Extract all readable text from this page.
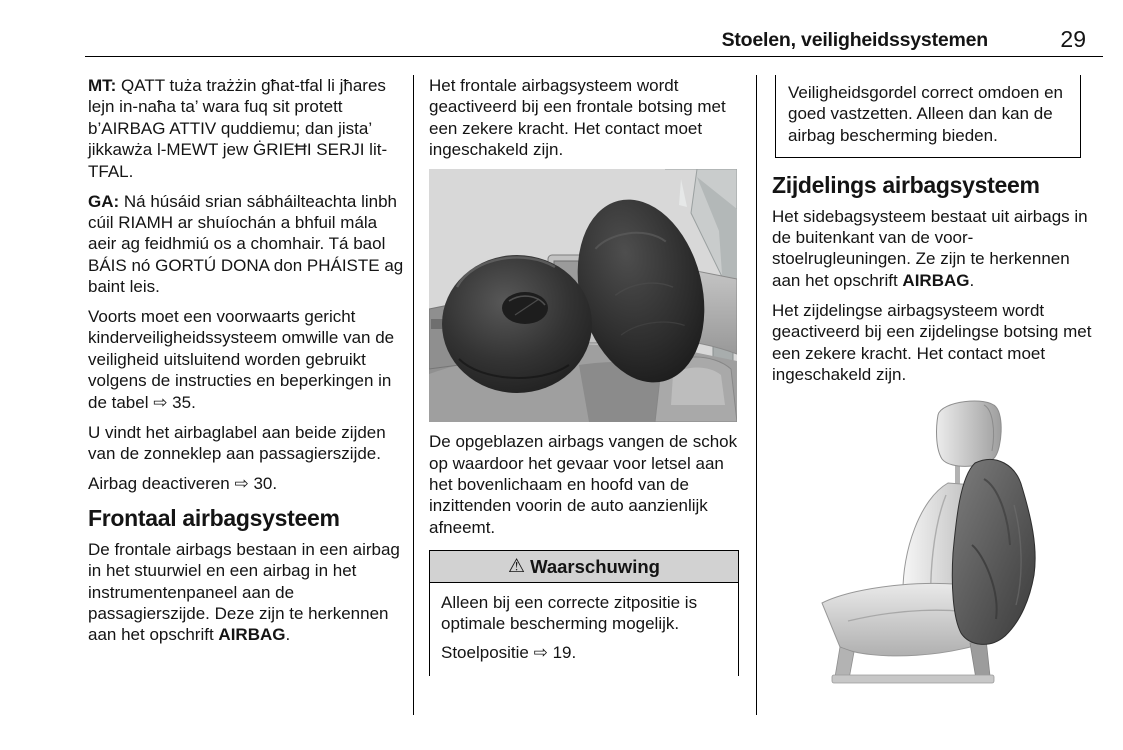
Stoelen, veiligheidssystemen	29

MT: QATT tuża trażżin għat-tfal li jħares lejn in-naħa ta’ wara fuq sit protett b’AIRBAG ATTIV quddiemu; dan jista’ jikkawża l-MEWT jew ĠRIEĦI SERJI lit-TFAL.

GA: Ná húsáid srian sábháilteachta linbh cúil RIAMH ar shuíochán a bhfuil mála aeir ag feidhmiú os a chomhair. Tá baol BÁIS nó GORTÚ DONA don PHÁISTE ag baint leis.

Voorts moet een voorwaarts gericht kinderveiligheidssysteem omwille van de veiligheid uitsluitend worden gebruikt volgens de instructies en beperkingen in de tabel ⇨ 35.

U vindt het airbaglabel aan beide zijden van de zonneklep aan passagierszijde.

Airbag deactiveren ⇨ 30.

Frontaal airbagsysteem

De frontale airbags bestaan in een airbag in het stuurwiel en een airbag in het instrumentenpaneel aan de passagierszijde. Deze zijn te herkennen aan het opschrift AIRBAG.

Het frontale airbagsysteem wordt geactiveerd bij een frontale botsing met een zekere kracht. Het contact moet ingeschakeld zijn.

De opgeblazen airbags vangen de schok op waardoor het gevaar voor letsel aan het bovenlichaam en hoofd van de inzittenden voorin de auto aanzienlijk afneemt.

⚠ Waarschuwing

Alleen bij een correcte zitpositie is optimale bescherming mogelijk.

Stoelpositie ⇨ 19.

Veiligheidsgordel correct omdoen en goed vastzetten. Alleen dan kan de airbag bescherming bieden.

Zijdelings airbagsysteem

Het sidebagsysteem bestaat uit airbags in de buitenkant van de voorstoelrugleuningen. Ze zijn te herkennen aan het opschrift AIRBAG.

Het zijdelingse airbagsysteem wordt geactiveerd bij een zijdelingse botsing met een zekere kracht. Het contact moet ingeschakeld zijn.
